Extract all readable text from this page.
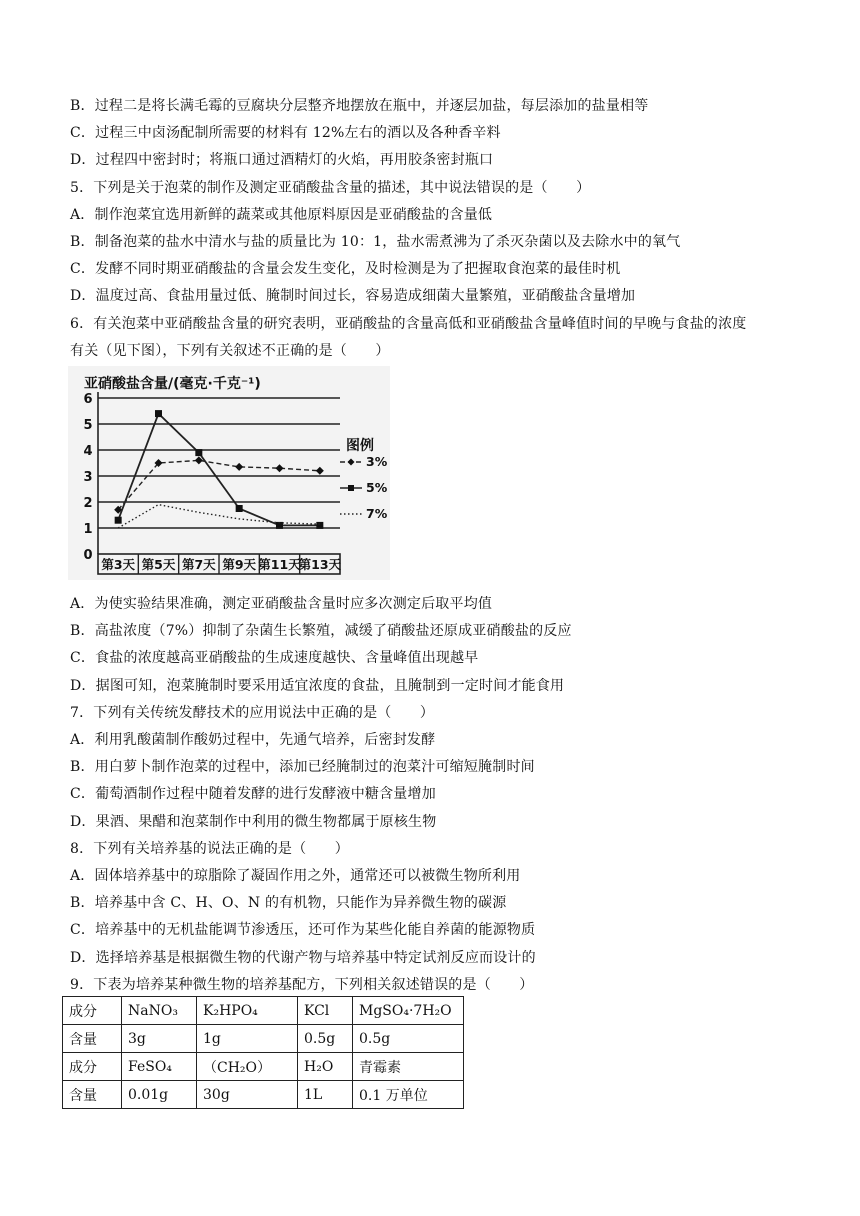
B．过程二是将长满毛霉的豆腐块分层整齐地摆放在瓶中，并逐层加盐，每层添加的盐量相等
C．过程三中卤汤配制所需要的材料有 12%左右的酒以及各种香辛料
D．过程四中密封时；将瓶口通过酒精灯的火焰，再用胶条密封瓶口
5．下列是关于泡菜的制作及测定亚硝酸盐含量的描述，其中说法错误的是（　　）
A．制作泡菜宜选用新鲜的蔬菜或其他原料原因是亚硝酸盐的含量低
B．制备泡菜的盐水中清水与盐的质量比为 10：1，盐水需煮沸为了杀灭杂菌以及去除水中的氧气
C．发酵不同时期亚硝酸盐的含量会发生变化，及时检测是为了把握取食泡菜的最佳时机
D．温度过高、食盐用量过低、腌制时间过长，容易造成细菌大量繁殖，亚硝酸盐含量增加
6．有关泡菜中亚硝酸盐含量的研究表明，亚硝酸盐的含量高低和亚硝酸盐含量峰值时间的早晚与食盐的浓度
有关（见下图），下列有关叙述不正确的是（　　）
亚硝酸盐含量/(毫克·千克⁻¹)
0
1
2
3
4
5
6
第3天 第5天 第7天 第9天 第11天
第13天
图例
3%
5%
7%
A．为使实验结果准确，测定亚硝酸盐含量时应多次测定后取平均值
B．高盐浓度（7%）抑制了杂菌生长繁殖，减缓了硝酸盐还原成亚硝酸盐的反应
C．食盐的浓度越高亚硝酸盐的生成速度越快、含量峰值出现越早
D．据图可知，泡菜腌制时要采用适宜浓度的食盐，且腌制到一定时间才能食用
7．下列有关传统发酵技术的应用说法中正确的是（　　）
A．利用乳酸菌制作酸奶过程中，先通气培养，后密封发酵
B．用白萝卜制作泡菜的过程中，添加已经腌制过的泡菜汁可缩短腌制时间
C．葡萄酒制作过程中随着发酵的进行发酵液中糖含量增加
D．果酒、果醋和泡菜制作中利用的微生物都属于原核生物
8．下列有关培养基的说法正确的是（　　）
A．固体培养基中的琼脂除了凝固作用之外，通常还可以被微生物所利用
B．培养基中含 C、H、O、N 的有机物，只能作为异养微生物的碳源
C．培养基中的无机盐能调节渗透压，还可作为某些化能自养菌的能源物质
D．选择培养基是根据微生物的代谢产物与培养基中特定试剂反应而设计的
9．下表为培养某种微生物的培养基配方，下列相关叙述错误的是（　　）
成分	NaNO₃	K₂HPO₄	KCl	MgSO₄·7H₂O
含量	3g	1g	0.5g	0.5g
成分	FeSO₄	（CH₂O）	H₂O	青霉素
含量	0.01g	30g	1L	0.1 万单位
